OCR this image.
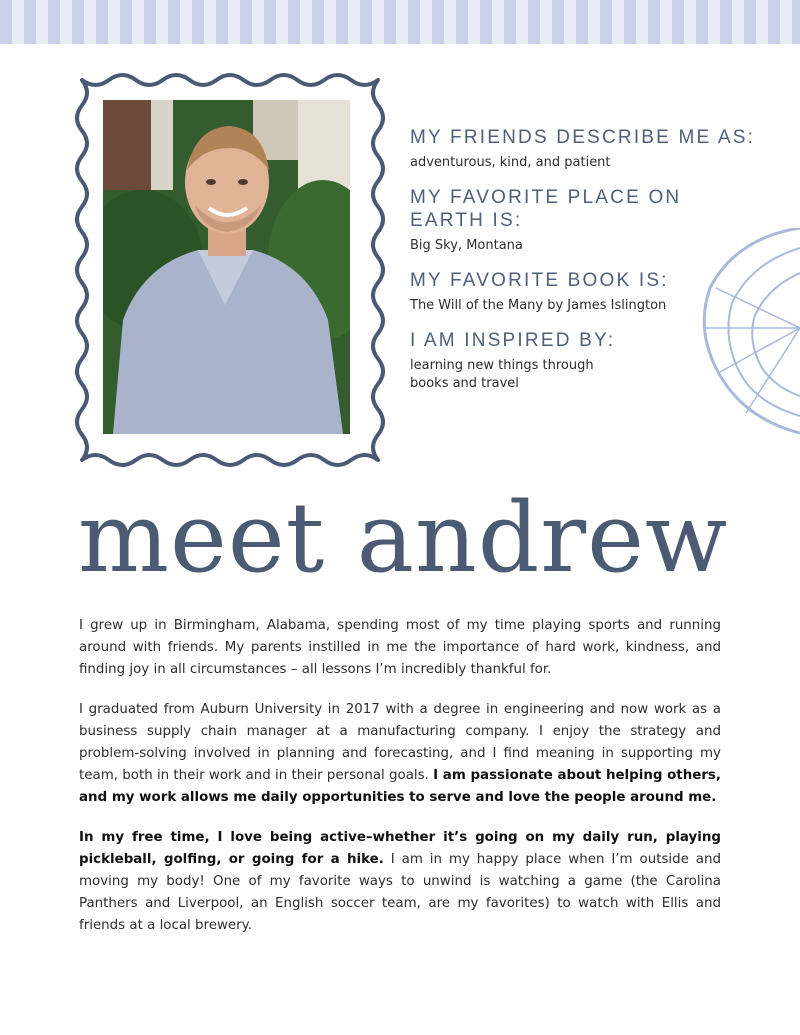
MY FRIENDS DESCRIBE ME AS:

adventurous, kind, and patient

MY FAVORITE PLACE ON EARTH IS:

Big Sky, Montana

MY FAVORITE BOOK IS:

The Will of the Many by James Islington

I AM INSPIRED BY:

learning new things through books and travel

meet andrew

I grew up in Birmingham, Alabama, spending most of my time playing sports and running around with friends. My parents instilled in me the importance of hard work, kindness, and finding joy in all circumstances – all lessons I’m incredibly thankful for.

I graduated from Auburn University in 2017 with a degree in engineering and now work as a business supply chain manager at a manufacturing company. I enjoy the strategy and problem-solving involved in planning and forecasting, and I find meaning in supporting my team, both in their work and in their personal goals. I am passionate about helping others, and my work allows me daily opportunities to serve and love the people around me.

In my free time, I love being active–whether it’s going on my daily run, playing pickleball, golfing, or going for a hike. I am in my happy place when I’m outside and moving my body! One of my favorite ways to unwind is watching a game (the Carolina Panthers and Liverpool, an English soccer team, are my favorites) to watch with Ellis and friends at a local brewery.
